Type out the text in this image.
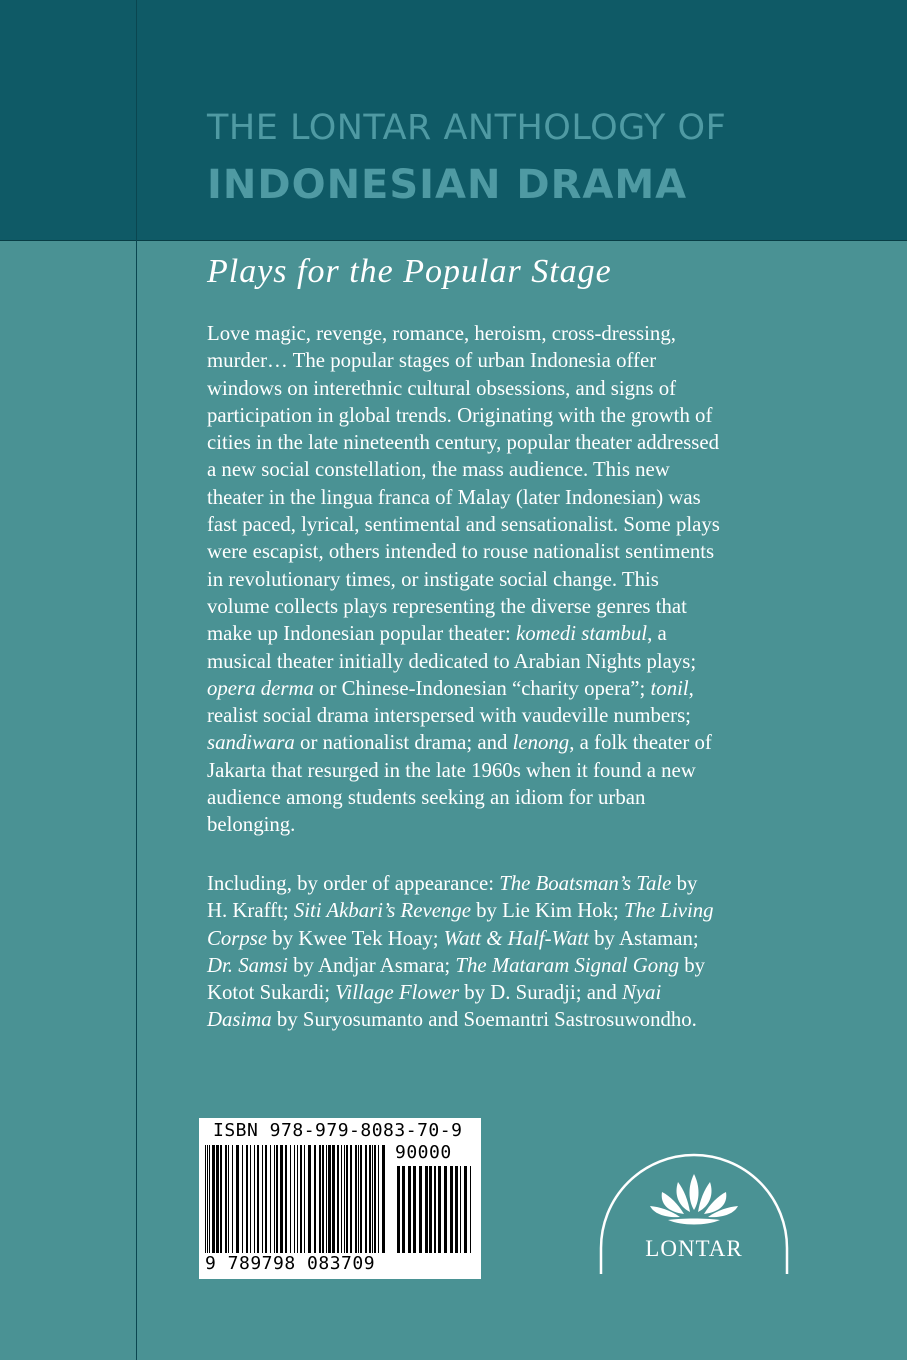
THE LONTAR ANTHOLOGY OF
INDONESIAN DRAMA
Plays for the Popular Stage
Love magic, revenge, romance, heroism, cross-dressing,
murder… The popular stages of urban Indonesia offer
windows on interethnic cultural obsessions, and signs of
participation in global trends. Originating with the growth of
cities in the late nineteenth century, popular theater addressed
a new social constellation, the mass audience. This new
theater in the lingua franca of Malay (later Indonesian) was
fast paced, lyrical, sentimental and sensationalist. Some plays
were escapist, others intended to rouse nationalist sentiments
in revolutionary times, or instigate social change. This
volume collects plays representing the diverse genres that
make up Indonesian popular theater: komedi stambul, a
musical theater initially dedicated to Arabian Nights plays;
opera derma or Chinese-Indonesian “charity opera”; tonil,
realist social drama interspersed with vaudeville numbers;
sandiwara or nationalist drama; and lenong, a folk theater of
Jakarta that resurged in the late 1960s when it found a new
audience among students seeking an idiom for urban
belonging.
Including, by order of appearance: The Boatsman’s Tale by
H. Krafft; Siti Akbari’s Revenge by Lie Kim Hok; The Living
Corpse by Kwee Tek Hoay; Watt & Half-Watt by Astaman;
Dr. Samsi by Andjar Asmara; The Mataram Signal Gong by
Kotot Sukardi; Village Flower by D. Suradji; and Nyai
Dasima by Suryosumanto and Soemantri Sastrosuwondho.
ISBN 978-979-8083-70-9
90000
9 789798 083709
LONTAR
